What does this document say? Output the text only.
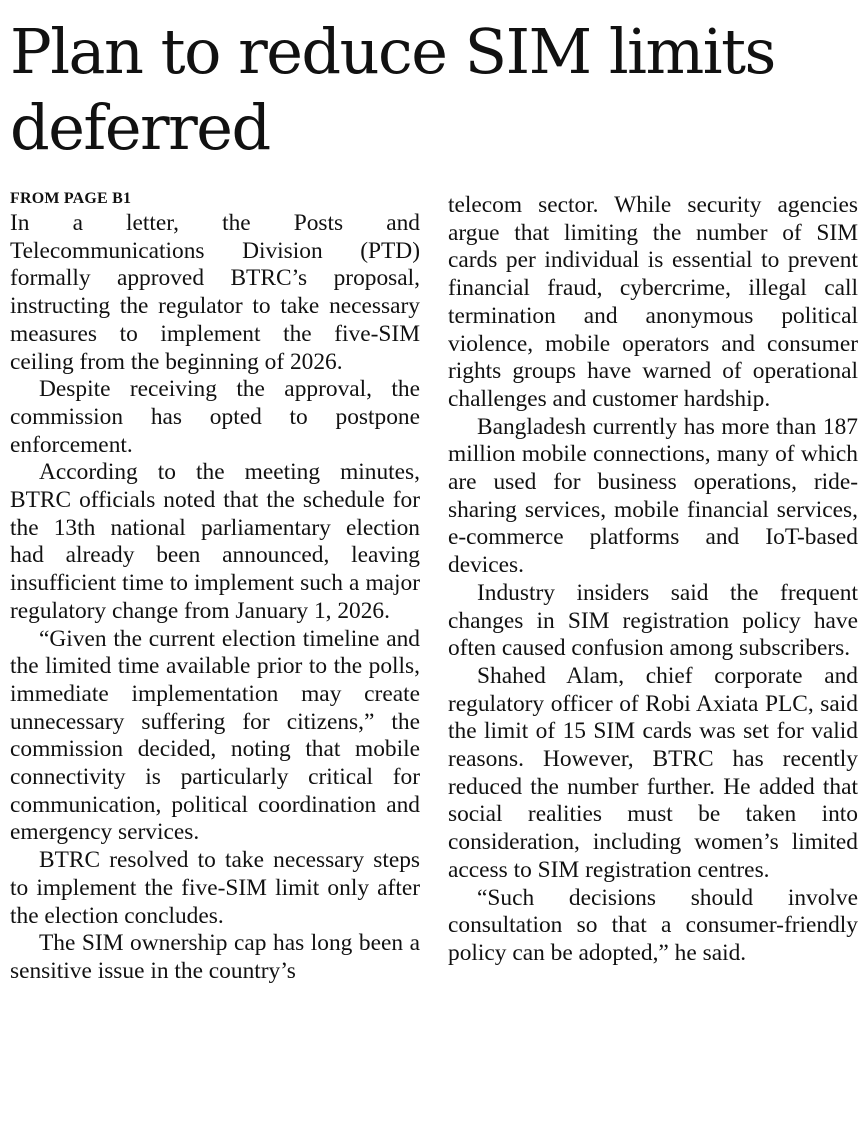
Plan to reduce SIM limits deferred
FROM PAGE B1

In a letter, the Posts and Telecommunications Division (PTD) formally approved BTRC’s proposal, instructing the regulator to take necessary measures to implement the five-SIM ceiling from the beginning of 2026.

Despite receiving the approval, the commission has opted to postpone enforcement.

According to the meeting minutes, BTRC officials noted that the schedule for the 13th national parliamentary election had already been announced, leaving insufficient time to implement such a major regulatory change from January 1, 2026.

“Given the current election timeline and the limited time available prior to the polls, immediate implementation may create unnecessary suffering for citizens,” the commission decided, noting that mobile connectivity is particularly critical for communication, political coordination and emergency services.

BTRC resolved to take necessary steps to implement the five-SIM limit only after the election concludes.

The SIM ownership cap has long been a sensitive issue in the country’s

telecom sector. While security agencies argue that limiting the number of SIM cards per individual is essential to prevent financial fraud, cybercrime, illegal call termination and anonymous political violence, mobile operators and consumer rights groups have warned of operational challenges and customer hardship.

Bangladesh currently has more than 187 million mobile connections, many of which are used for business operations, ride-sharing services, mobile financial services, e-commerce platforms and IoT-based devices.

Industry insiders said the frequent changes in SIM registration policy have often caused confusion among subscribers.

Shahed Alam, chief corporate and regulatory officer of Robi Axiata PLC, said the limit of 15 SIM cards was set for valid reasons. However, BTRC has recently reduced the number further. He added that social realities must be taken into consideration, including women’s limited access to SIM registration centres.

“Such decisions should involve consultation so that a consumer-friendly policy can be adopted,” he said.
